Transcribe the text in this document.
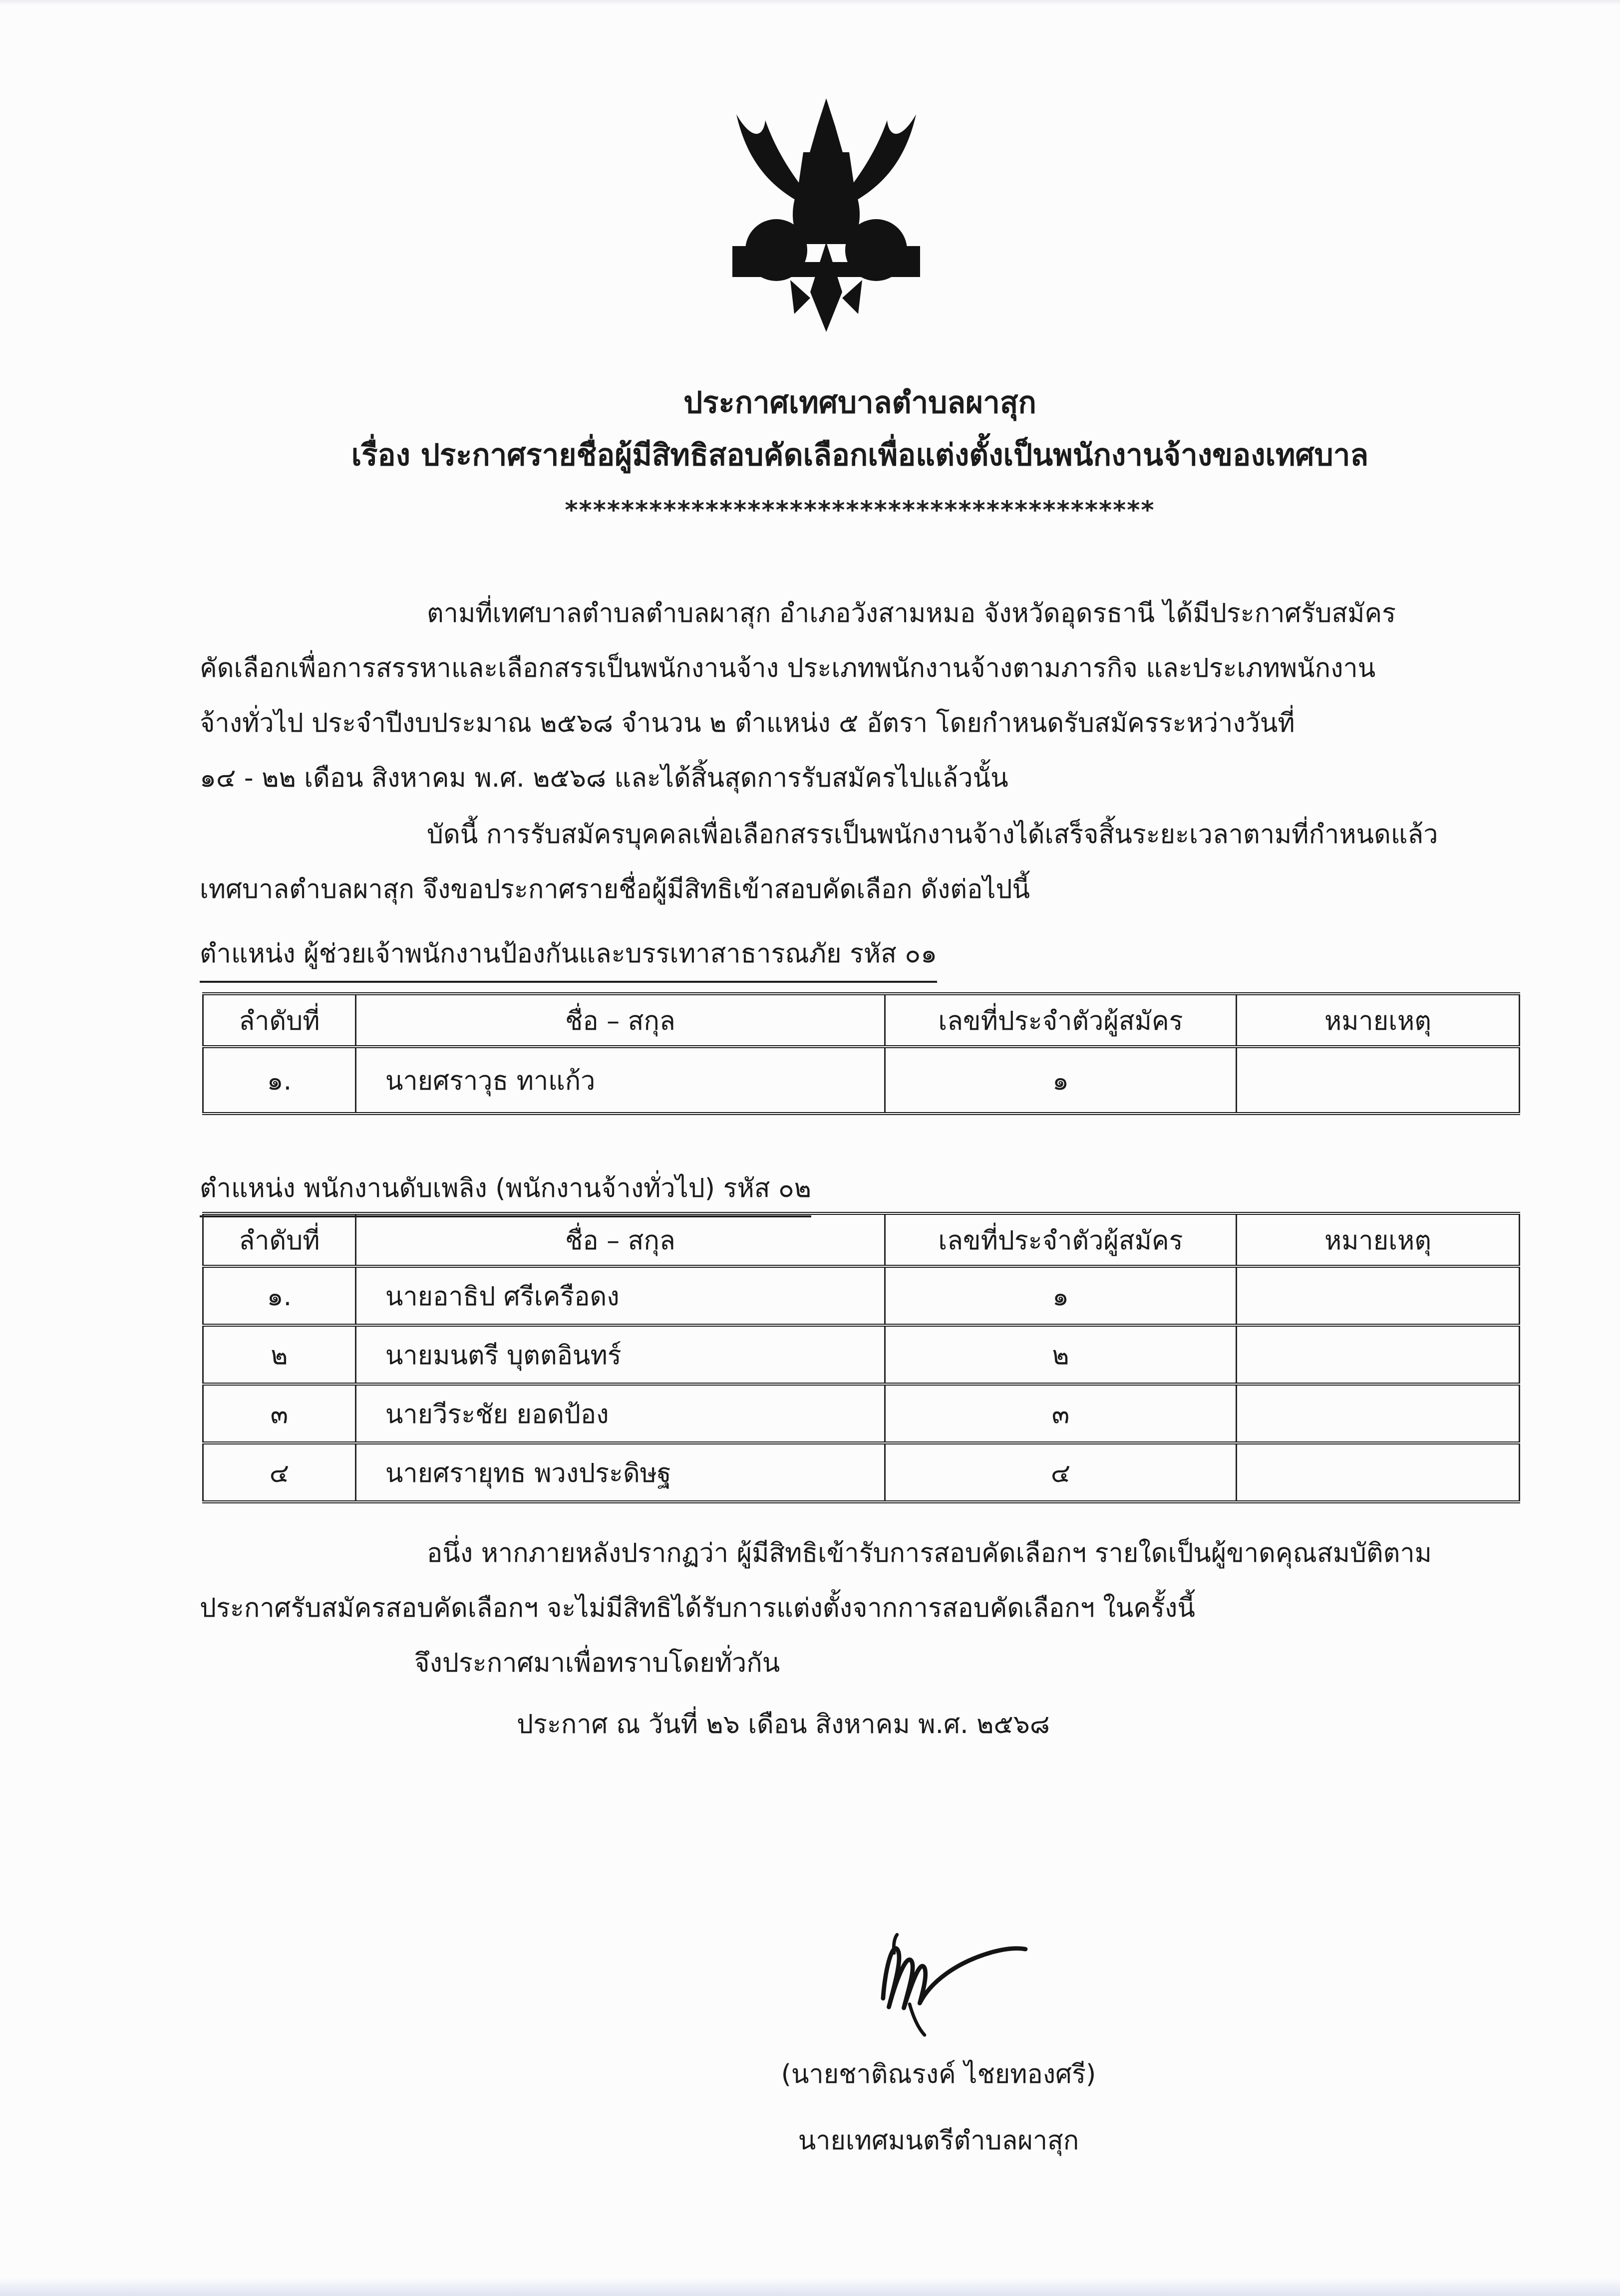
ประกาศเทศบาลตำบลผาสุก
เรื่อง ประกาศรายชื่อผู้มีสิทธิสอบคัดเลือกเพื่อแต่งตั้งเป็นพนักงานจ้างของเทศบาล
******************************************
ตามที่เทศบาลตำบลตำบลผาสุก อำเภอวังสามหมอ จังหวัดอุดรธานี ได้มีประกาศรับสมัคร
คัดเลือกเพื่อการสรรหาและเลือกสรรเป็นพนักงานจ้าง ประเภทพนักงานจ้างตามภารกิจ และประเภทพนักงาน
จ้างทั่วไป ประจำปีงบประมาณ ๒๕๖๘ จำนวน ๒ ตำแหน่ง ๕ อัตรา โดยกำหนดรับสมัครระหว่างวันที่
๑๔ - ๒๒ เดือน สิงหาคม พ.ศ. ๒๕๖๘ และได้สิ้นสุดการรับสมัครไปแล้วนั้น
บัดนี้ การรับสมัครบุคคลเพื่อเลือกสรรเป็นพนักงานจ้างได้เสร็จสิ้นระยะเวลาตามที่กำหนดแล้ว
เทศบาลตำบลผาสุก จึงขอประกาศรายชื่อผู้มีสิทธิเข้าสอบคัดเลือก ดังต่อไปนี้
ตำแหน่ง ผู้ช่วยเจ้าพนักงานป้องกันและบรรเทาสาธารณภัย รหัส ๐๑
ลำดับที่	ชื่อ – สกุล	เลขที่ประจำตัวผู้สมัคร	หมายเหตุ
๑.	นายศราวุธ ทาแก้ว	๑	
ตำแหน่ง พนักงานดับเพลิง (พนักงานจ้างทั่วไป) รหัส ๐๒
ลำดับที่	ชื่อ – สกุล	เลขที่ประจำตัวผู้สมัคร	หมายเหตุ
๑.	นายอาธิป ศรีเครือดง	๑	
๒	นายมนตรี บุตตอินทร์	๒	
๓	นายวีระชัย ยอดป้อง	๓	
๔	นายศรายุทธ พวงประดิษฐ	๔	
อนึ่ง หากภายหลังปรากฏว่า ผู้มีสิทธิเข้ารับการสอบคัดเลือกฯ รายใดเป็นผู้ขาดคุณสมบัติตาม
ประกาศรับสมัครสอบคัดเลือกฯ จะไม่มีสิทธิได้รับการแต่งตั้งจากการสอบคัดเลือกฯ ในครั้งนี้
จึงประกาศมาเพื่อทราบโดยทั่วกัน
ประกาศ ณ วันที่ ๒๖ เดือน สิงหาคม พ.ศ. ๒๕๖๘
(นายชาติณรงค์ ไชยทองศรี)
นายเทศมนตรีตำบลผาสุก
